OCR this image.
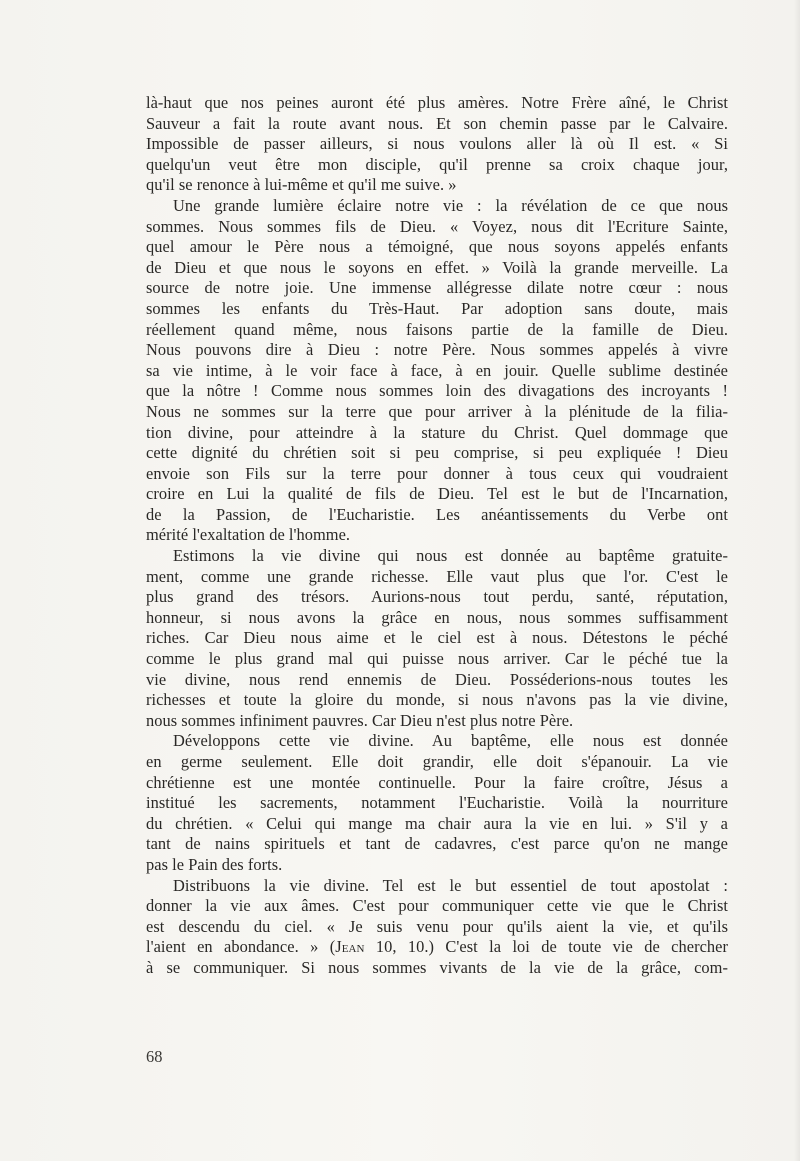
là-haut que nos peines auront été plus amères. Notre Frère aîné, le Christ
Sauveur a fait la route avant nous. Et son chemin passe par le Calvaire.
Impossible de passer ailleurs, si nous voulons aller là où Il est. « Si
quelqu'un veut être mon disciple, qu'il prenne sa croix chaque jour,
qu'il se renonce à lui-même et qu'il me suive. »
Une grande lumière éclaire notre vie : la révélation de ce que nous
sommes. Nous sommes fils de Dieu. « Voyez, nous dit l'Ecriture Sainte,
quel amour le Père nous a témoigné, que nous soyons appelés enfants
de Dieu et que nous le soyons en effet. » Voilà la grande merveille. La
source de notre joie. Une immense allégresse dilate notre cœur : nous
sommes les enfants du Très-Haut. Par adoption sans doute, mais
réellement quand même, nous faisons partie de la famille de Dieu.
Nous pouvons dire à Dieu : notre Père. Nous sommes appelés à vivre
sa vie intime, à le voir face à face, à en jouir. Quelle sublime destinée
que la nôtre ! Comme nous sommes loin des divagations des incroyants !
Nous ne sommes sur la terre que pour arriver à la plénitude de la filia-
tion divine, pour atteindre à la stature du Christ. Quel dommage que
cette dignité du chrétien soit si peu comprise, si peu expliquée ! Dieu
envoie son Fils sur la terre pour donner à tous ceux qui voudraient
croire en Lui la qualité de fils de Dieu. Tel est le but de l'Incarnation,
de la Passion, de l'Eucharistie. Les anéantissements du Verbe ont
mérité l'exaltation de l'homme.
Estimons la vie divine qui nous est donnée au baptême gratuite-
ment, comme une grande richesse. Elle vaut plus que l'or. C'est le
plus grand des trésors. Aurions-nous tout perdu, santé, réputation,
honneur, si nous avons la grâce en nous, nous sommes suffisamment
riches. Car Dieu nous aime et le ciel est à nous. Détestons le péché
comme le plus grand mal qui puisse nous arriver. Car le péché tue la
vie divine, nous rend ennemis de Dieu. Posséderions-nous toutes les
richesses et toute la gloire du monde, si nous n'avons pas la vie divine,
nous sommes infiniment pauvres. Car Dieu n'est plus notre Père.
Développons cette vie divine. Au baptême, elle nous est donnée
en germe seulement. Elle doit grandir, elle doit s'épanouir. La vie
chrétienne est une montée continuelle. Pour la faire croître, Jésus a
institué les sacrements, notamment l'Eucharistie. Voilà la nourriture
du chrétien. « Celui qui mange ma chair aura la vie en lui. » S'il y a
tant de nains spirituels et tant de cadavres, c'est parce qu'on ne mange
pas le Pain des forts.
Distribuons la vie divine. Tel est le but essentiel de tout apostolat :
donner la vie aux âmes. C'est pour communiquer cette vie que le Christ
est descendu du ciel. « Je suis venu pour qu'ils aient la vie, et qu'ils
l'aient en abondance. » (Jean 10, 10.) C'est la loi de toute vie de chercher
à se communiquer. Si nous sommes vivants de la vie de la grâce, com-
68
